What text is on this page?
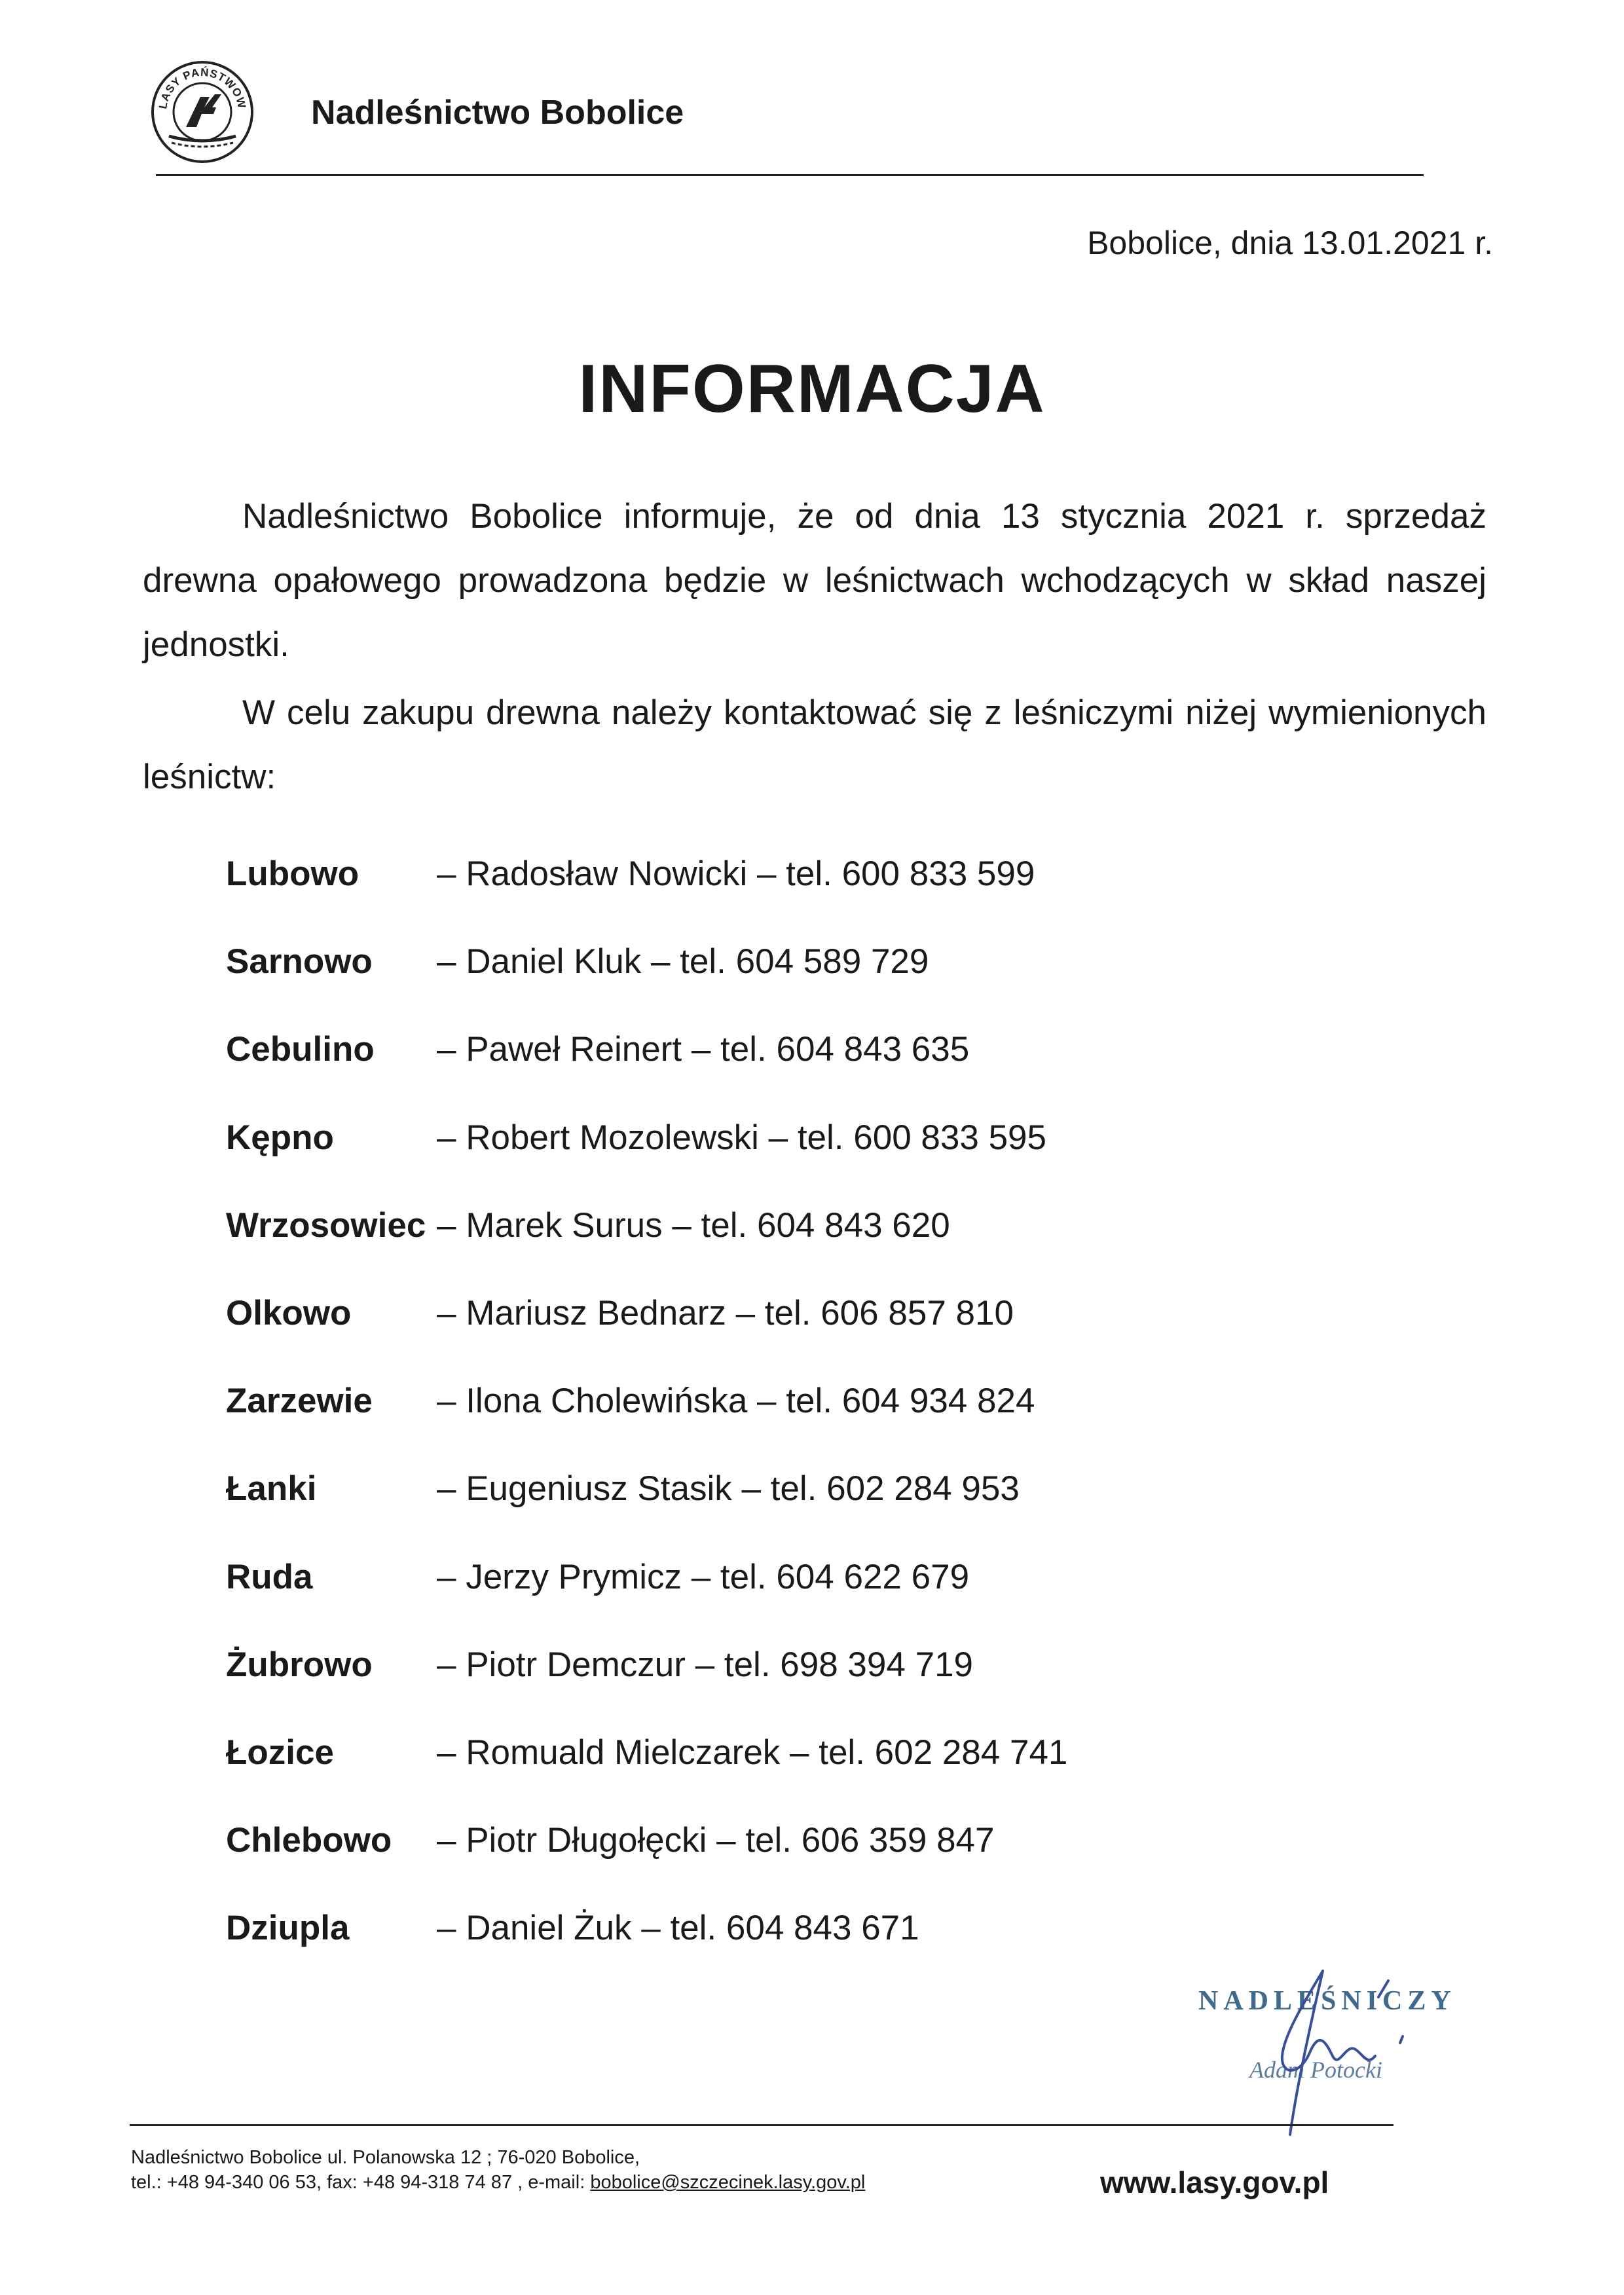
LASY PAŃSTWOW Nadleśnictwo Bobolice
Bobolice, dnia 13.01.2021 r.
INFORMACJA

Nadleśnictwo Bobolice informuje, że od dnia 13 stycznia 2021 r. sprzedaż drewna opałowego prowadzona będzie w leśnictwach wchodzących w skład naszej jednostki.

W celu zakupu drewna należy kontaktować się z leśniczymi niżej wymienionych leśnictw:

Lubowo – Radosław Nowicki – tel. 600 833 599
Sarnowo – Daniel Kluk – tel. 604 589 729
Cebulino – Paweł Reinert – tel. 604 843 635
Kępno	– Robert Mozolewski – tel. 600 833 595
Wrzosowiec – Marek Surus – tel. 604 843 620
Olkowo – Mariusz Bednarz – tel. 606 857 810
Zarzewie – Ilona Cholewińska – tel. 604 934 824
Łanki	– Eugeniusz Stasik – tel. 602 284 953
Ruda	– Jerzy Prymicz – tel. 604 622 679
Żubrowo – Piotr Demczur – tel. 698 394 719
Łozice	– Romuald Mielczarek – tel. 602 284 741
Chlebowo – Piotr Długołęcki – tel. 606 359 847
Dziupla	– Daniel Żuk – tel. 604 843 671
NADLEŚNICZY
Adam Potocki
Nadleśnictwo Bobolice ul. Polanowska 12 ; 76-020 Bobolice,
tel.: +48 94-340 06 53, fax: +48 94-318 74 87 , e-mail: bobolice@szczecinek.lasy.gov.pl	www.lasy.gov.pl
